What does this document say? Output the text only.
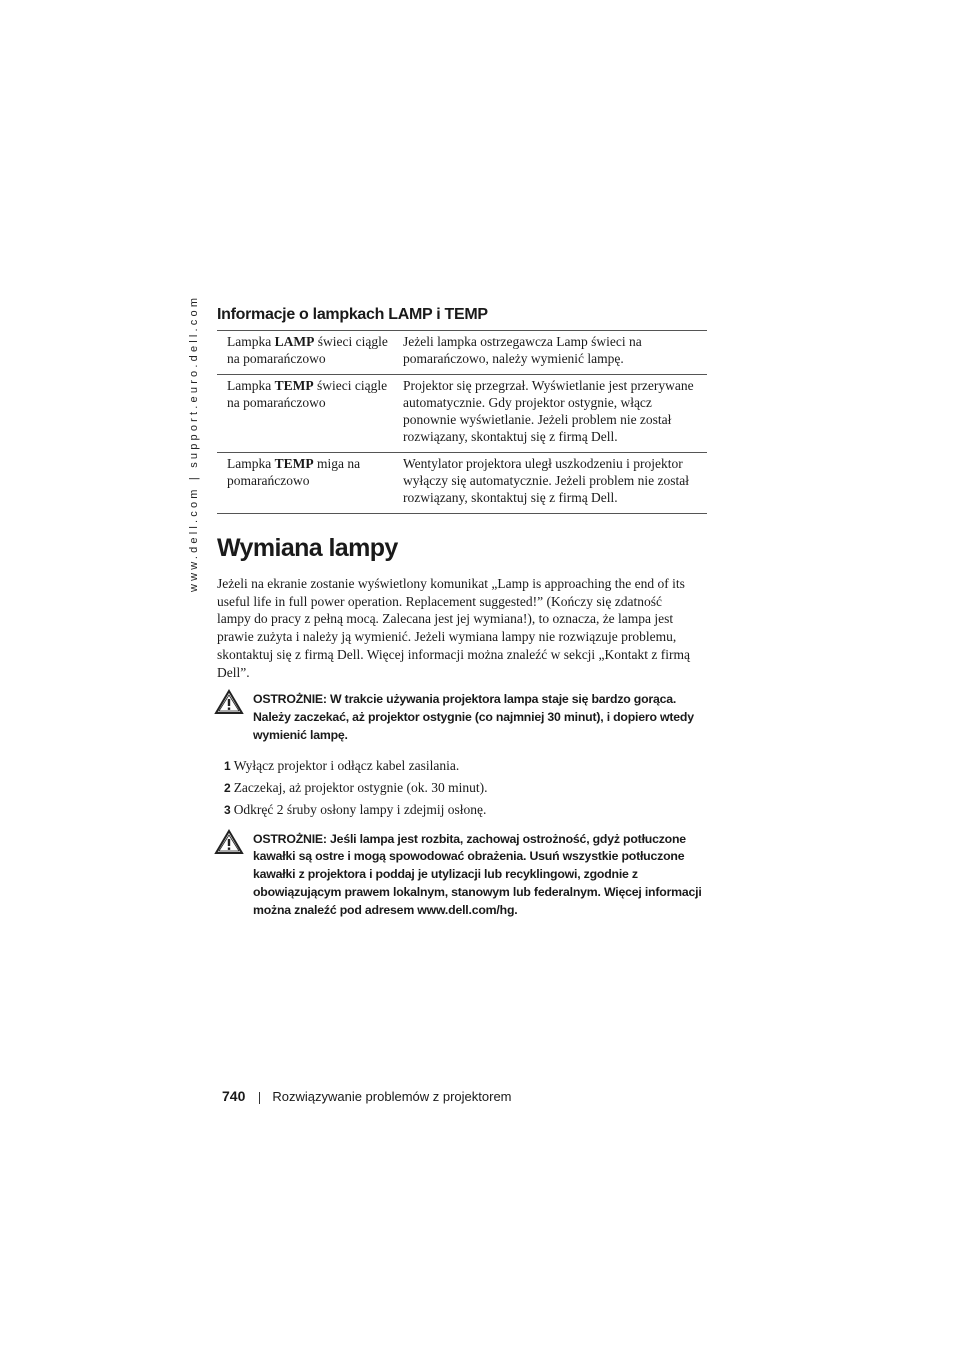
www.dell.com | support.euro.dell.com Informacje o lampkach LAMP i TEMP
Lampka LAMP świeci ciągle na pomarańczowo	Jeżeli lampka ostrzegawcza Lamp świeci na pomarańczowo, należy wymienić lampę.
Lampka TEMP świeci ciągle na pomarańczowo	Projektor się przegrzał. Wyświetlanie jest przerywane automatycznie. Gdy projektor ostygnie, włącz ponownie wyświetlanie. Jeżeli problem nie został rozwiązany, skontaktuj się z firmą Dell.
Lampka TEMP miga na pomarańczowo	Wentylator projektora uległ uszkodzeniu i projektor wyłączy się automatycznie. Jeżeli problem nie został rozwiązany, skontaktuj się z firmą Dell.
Wymiana lampy

Jeżeli na ekranie zostanie wyświetlony komunikat „Lamp is approaching the end of its useful life in full power operation. Replacement suggested!” (Kończy się zdatność lampy do pracy z pełną mocą. Zalecana jest jej wymiana!), to oznacza, że lampa jest prawie zużyta i należy ją wymienić. Jeżeli wymiana lampy nie rozwiązuje problemu, skontaktuj się z firmą Dell. Więcej informacji można znaleźć w sekcji „Kontakt z firmą Dell”.

OSTROŻNIE: W trakcie używania projektora lampa staje się bardzo gorąca. Należy zaczekać, aż projektor ostygnie (co najmniej 30 minut), i dopiero wtedy wymienić lampę.
1 Wyłącz projektor i odłącz kabel zasilania.
2 Zaczekaj, aż projektor ostygnie (ok. 30 minut).
3 Odkręć 2 śruby osłony lampy i zdejmij osłonę.
OSTROŻNIE: Jeśli lampa jest rozbita, zachowaj ostrożność, gdyż potłuczone kawałki są ostre i mogą spowodować obrażenia. Usuń wszystkie potłuczone kawałki z projektora i poddaj je utylizacji lub recyklingowi, zgodnie z obowiązującym prawem lokalnym, stanowym lub federalnym. Więcej informacji można znaleźć pod adresem www.dell.com/hg.
740 Rozwiązywanie problemów z projektorem
